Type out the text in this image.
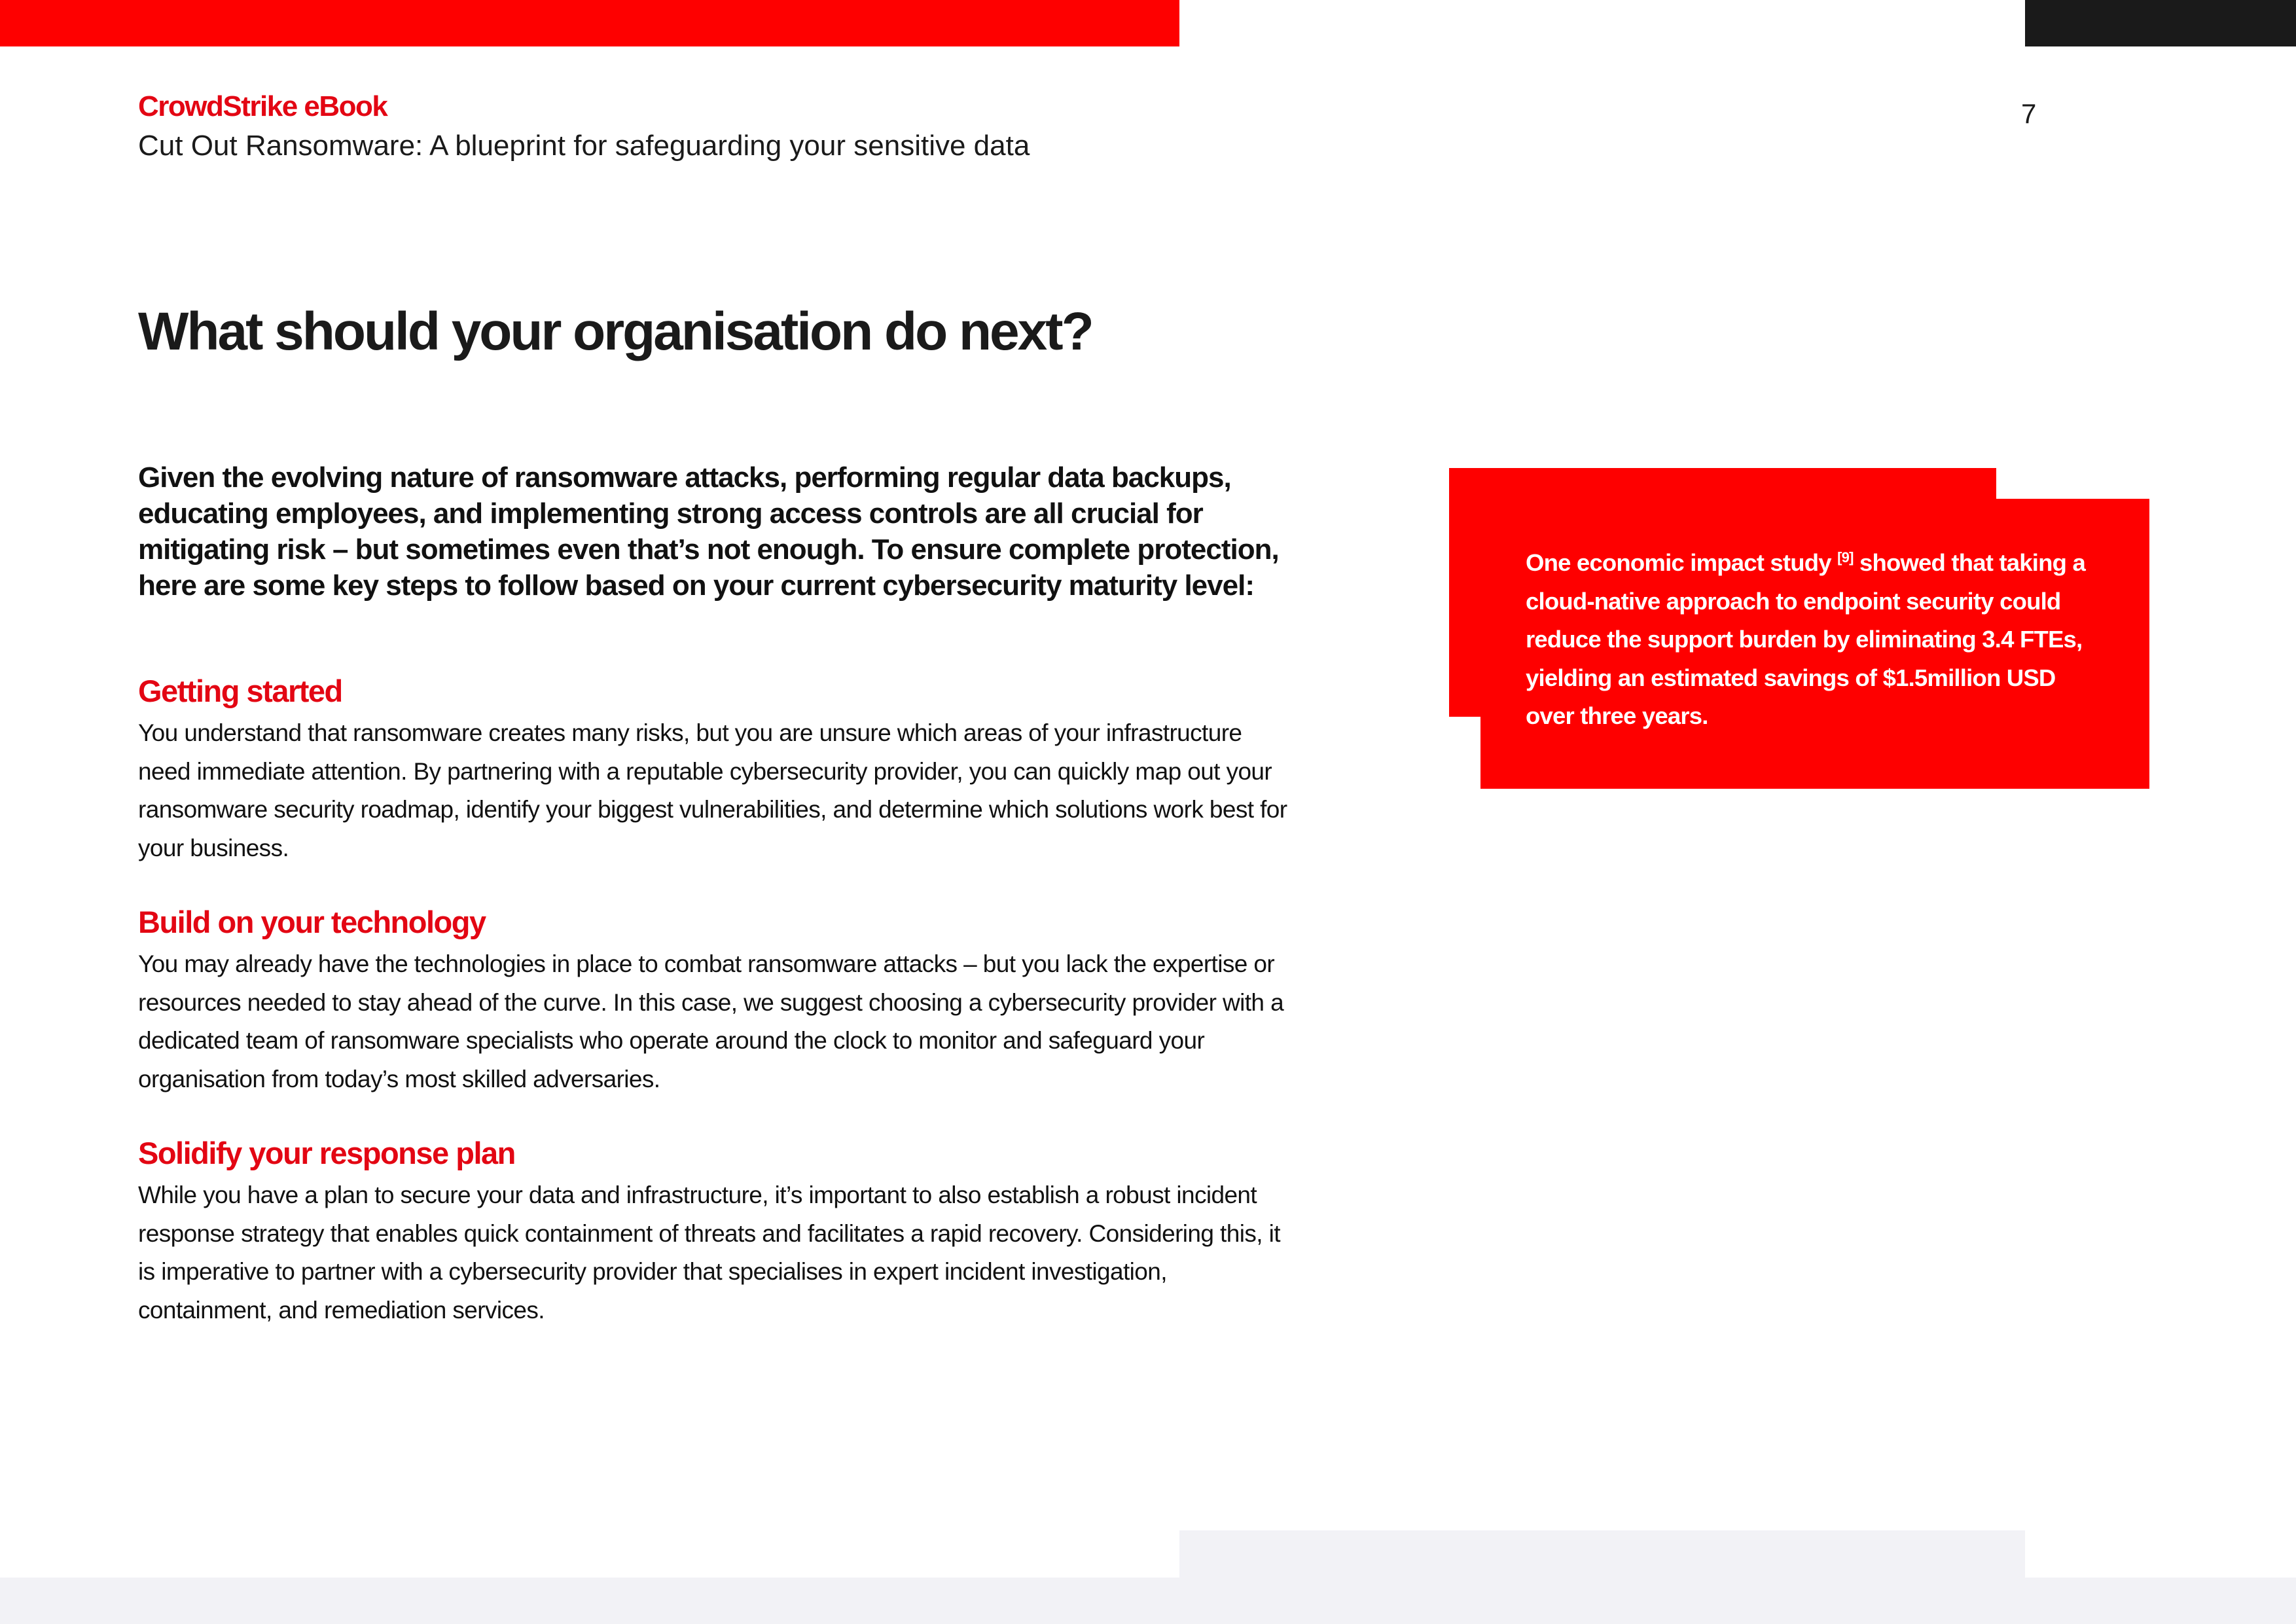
CrowdStrike eBook
Cut Out Ransomware: A blueprint for safeguarding your sensitive data
7
What should your organisation do next?
Given the evolving nature of ransomware attacks, performing regular data backups, educating employees, and implementing strong access controls are all crucial for mitigating risk – but sometimes even that’s not enough. To ensure complete protection, here are some key steps to follow based on your current cybersecurity maturity level:
Getting started
You understand that ransomware creates many risks, but you are unsure which areas of your infrastructure need immediate attention. By partnering with a reputable cybersecurity provider, you can quickly map out your ransomware security roadmap, identify your biggest vulnerabilities, and determine which solutions work best for your business.
Build on your technology
You may already have the technologies in place to combat ransomware attacks – but you lack the expertise or resources needed to stay ahead of the curve. In this case, we suggest choosing a cybersecurity provider with a dedicated team of ransomware specialists who operate around the clock to monitor and safeguard your organisation from today’s most skilled adversaries.
Solidify your response plan
While you have a plan to secure your data and infrastructure, it’s important to also establish a robust incident response strategy that enables quick containment of threats and facilitates a rapid recovery. Considering this, it is imperative to partner with a cybersecurity provider that specialises in expert incident investigation, containment, and remediation services.
One economic impact study [9] showed that taking a cloud-native approach to endpoint security could reduce the support burden by eliminating 3.4 FTEs, yielding an estimated savings of $1.5million USD over three years.
